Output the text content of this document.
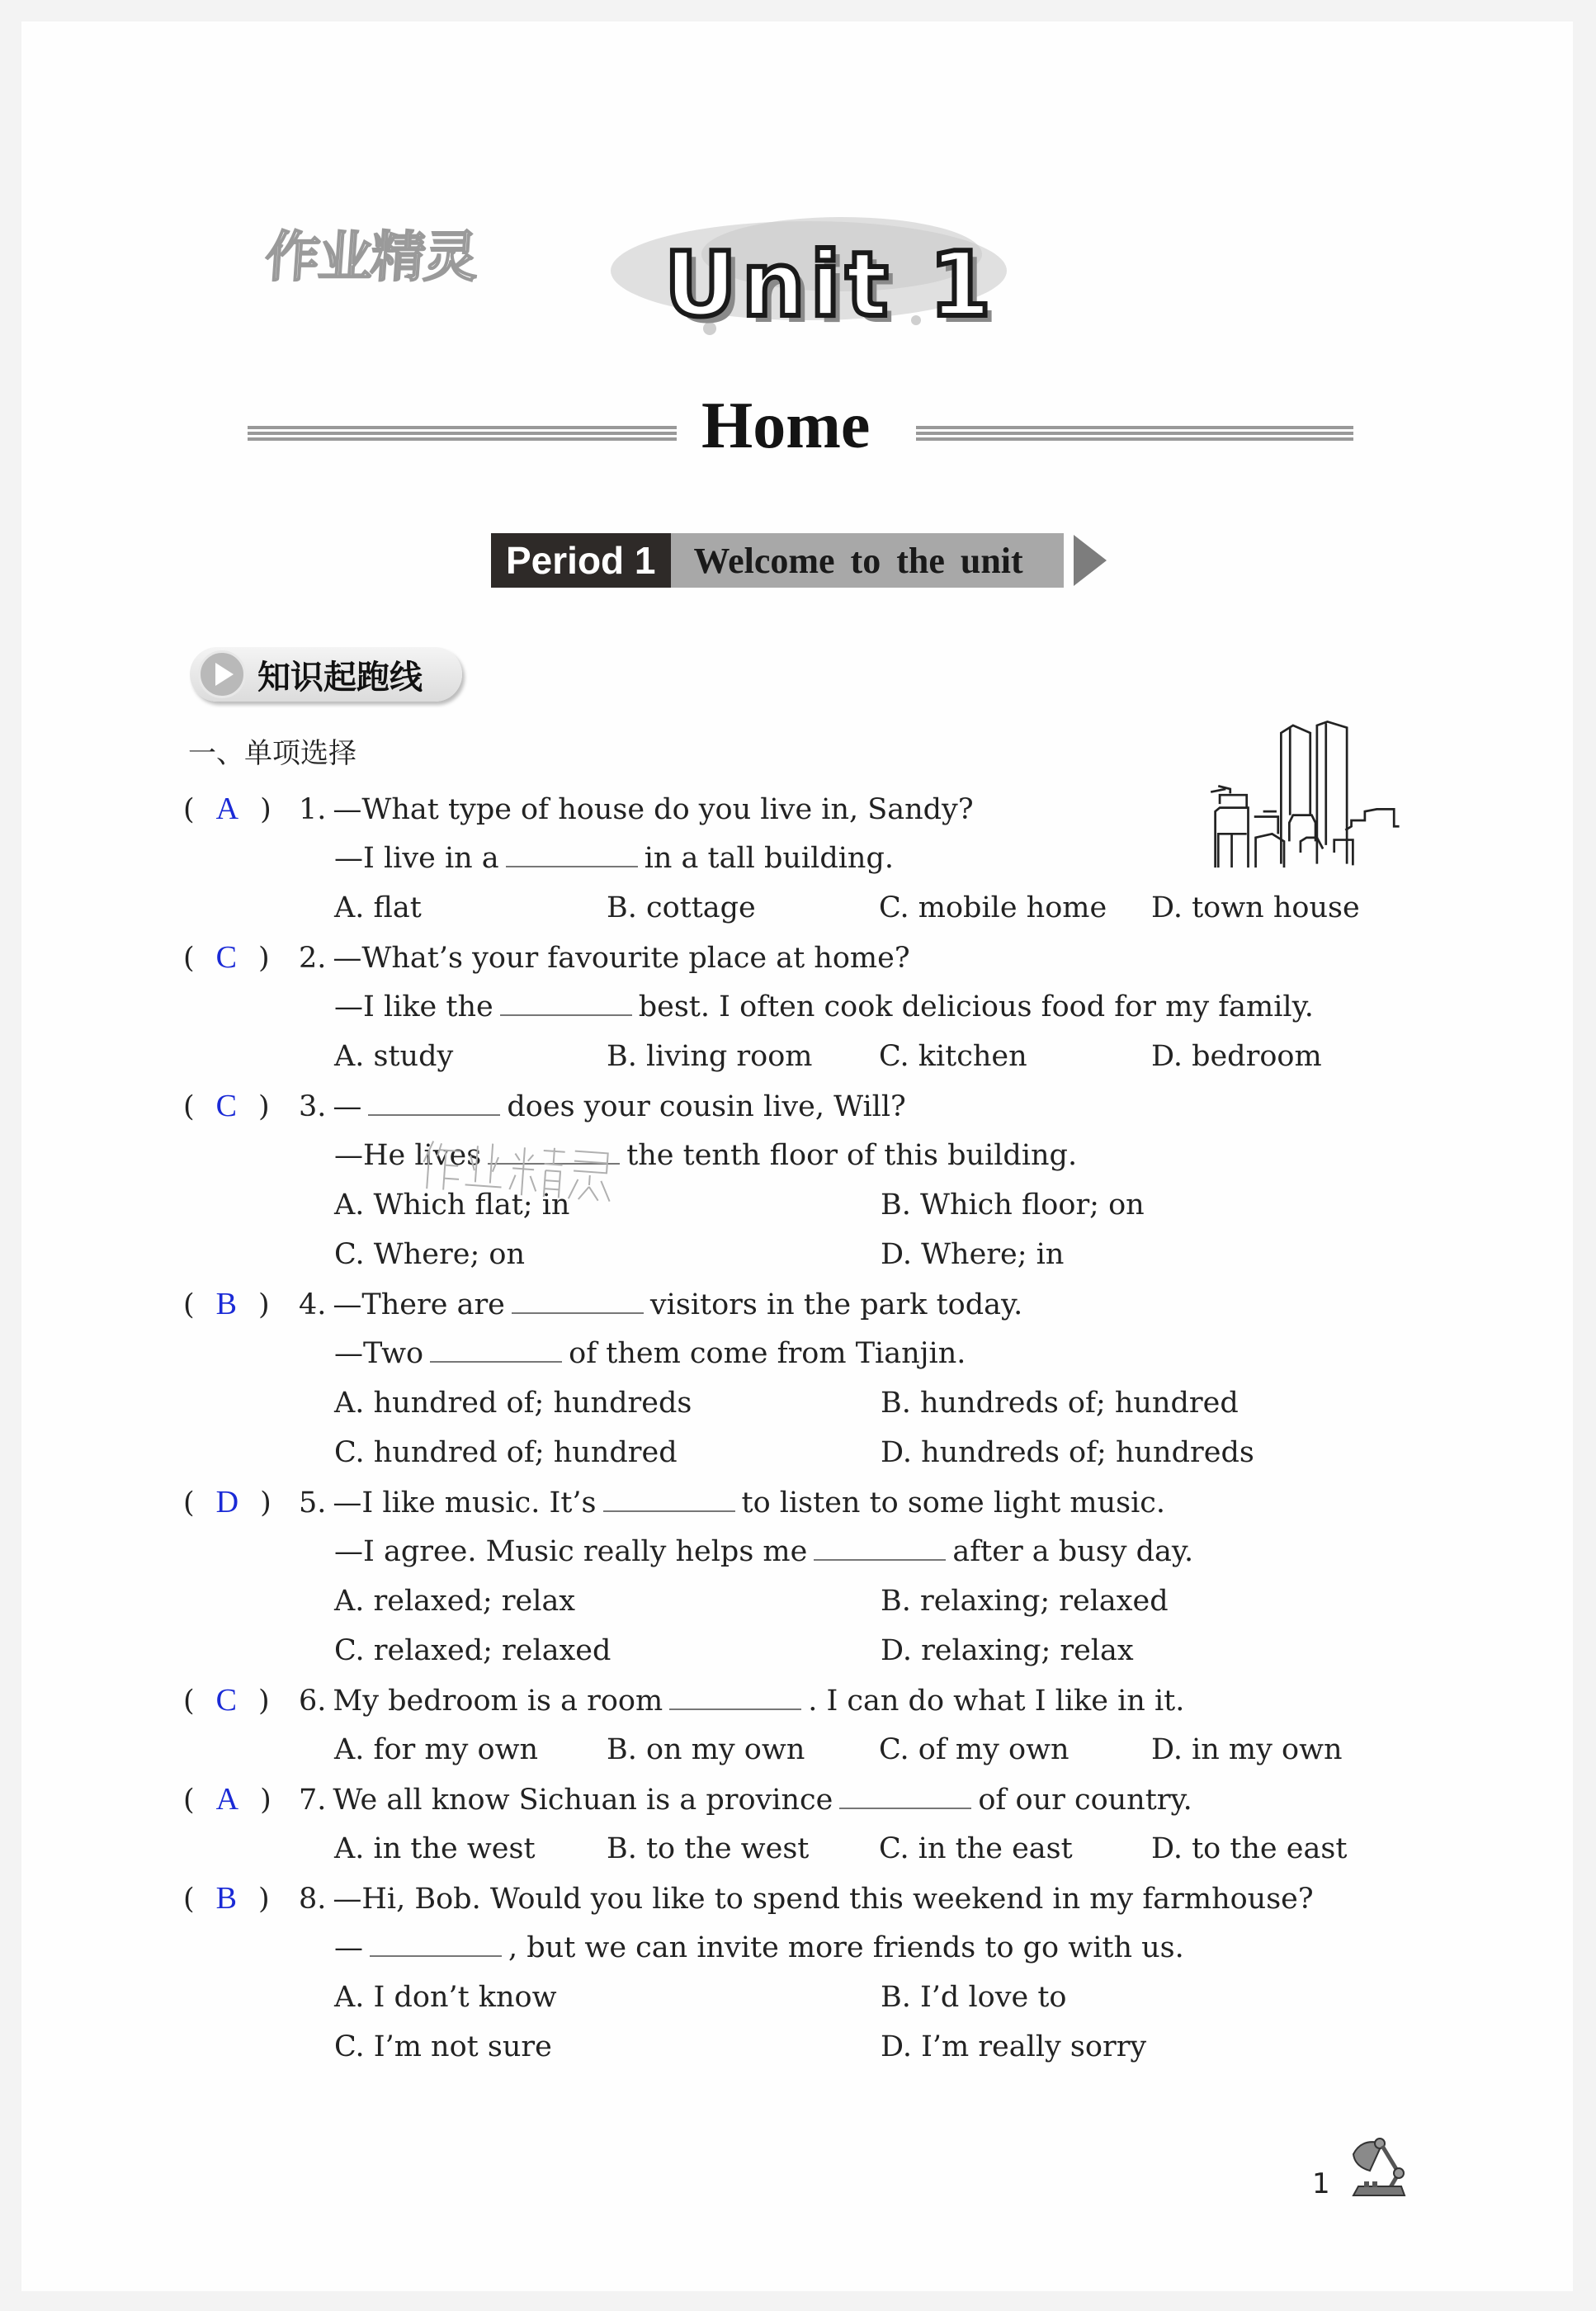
作业精灵 Unit 1
Home
Period 1	Welcome to the unit
知识起跑线
一、单项选择
( A ) 1. —What type of house do you live in, Sandy?
—I live in a	in a tall building.
A. flat	B. cottage	C. mobile home D. town house
( C ) 2. —What’s your favourite place at home?
—I like the	best. I often cook delicious food for my family.
A. study	B. living room C. kitchen	D. bedroom
( C ) 3. —	does your cousin live, Will?
—He lives	the tenth floor of this building.
A. Which flat; in	B. Which floor; on
C. Where; on	D. Where; in
( B ) 4. —There are	visitors in the park today.
—Two	of them come from Tianjin.
A. hundred of; hundreds	B. hundreds of; hundred
C. hundred of; hundred	D. hundreds of; hundreds
( D ) 5. —I like music. It’s	to listen to some light music.
—I agree. Music really helps me	after a busy day.
A. relaxed; relax	B. relaxing; relaxed
C. relaxed; relaxed	D. relaxing; relax
( C ) 6. My bedroom is a room	. I can do what I like in it.
A. for my own B. on my own	C. of my own	D. in my own
( A ) 7. We all know Sichuan is a province	of our country.
A. in the west B. to the west C. in the east	D. to the east
( B ) 8. —Hi, Bob. Would you like to spend this weekend in my farmhouse?
—	, but we can invite more friends to go with us.
A. I don’t know	B. I’d love to
C. I’m not sure	D. I’m really sorry
1
